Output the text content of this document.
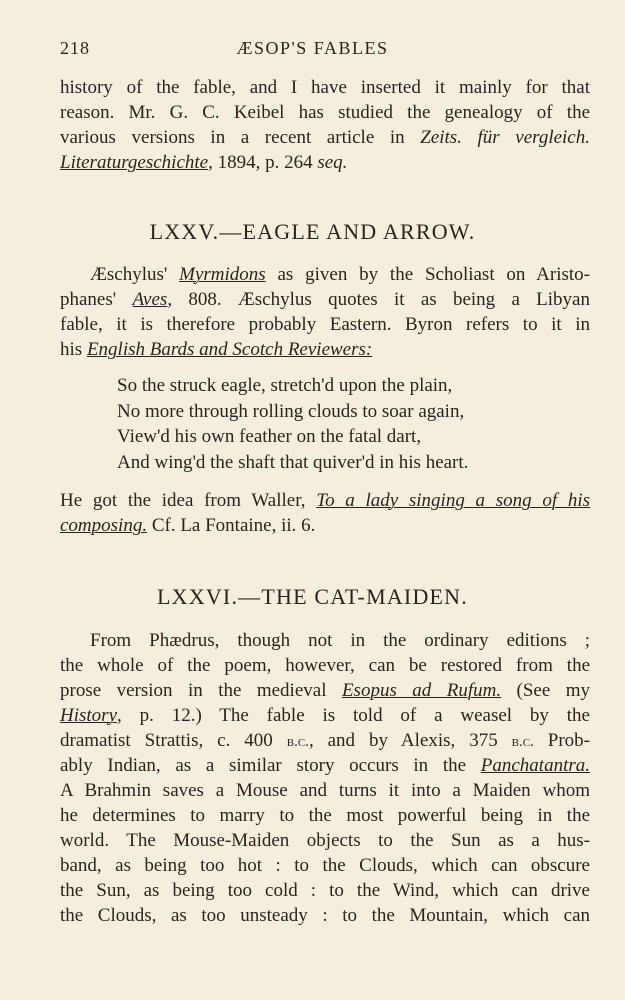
218	ÆSOP'S FABLES
history of the fable, and I have inserted it mainly for that
reason. Mr. G. C. Keibel has studied the genealogy of the
various versions in a recent article in Zeits. für vergleich.
Literaturgeschichte, 1894, p. 264 seq.
LXXV.—EAGLE AND ARROW.
Æschylus' Myrmidons as given by the Scholiast on Aristo-
phanes' Aves, 808. Æschylus quotes it as being a Libyan
fable, it is therefore probably Eastern. Byron refers to it in
his English Bards and Scotch Reviewers:
So the struck eagle, stretch'd upon the plain,
No more through rolling clouds to soar again,
View'd his own feather on the fatal dart,
And wing'd the shaft that quiver'd in his heart.
He got the idea from Waller, To a lady singing a song of his
composing. Cf. La Fontaine, ii. 6.
LXXVI.—THE CAT-MAIDEN.
From Phædrus, though not in the ordinary editions ;
the whole of the poem, however, can be restored from the
prose version in the medieval Esopus ad Rufum. (See my
History, p. 12.) The fable is told of a weasel by the
dramatist Strattis, c. 400 b.c., and by Alexis, 375 b.c. Prob-
ably Indian, as a similar story occurs in the Panchatantra.
A Brahmin saves a Mouse and turns it into a Maiden whom
he determines to marry to the most powerful being in the
world. The Mouse-Maiden objects to the Sun as a hus-
band, as being too hot : to the Clouds, which can obscure
the Sun, as being too cold : to the Wind, which can drive
the Clouds, as too unsteady : to the Mountain, which can
